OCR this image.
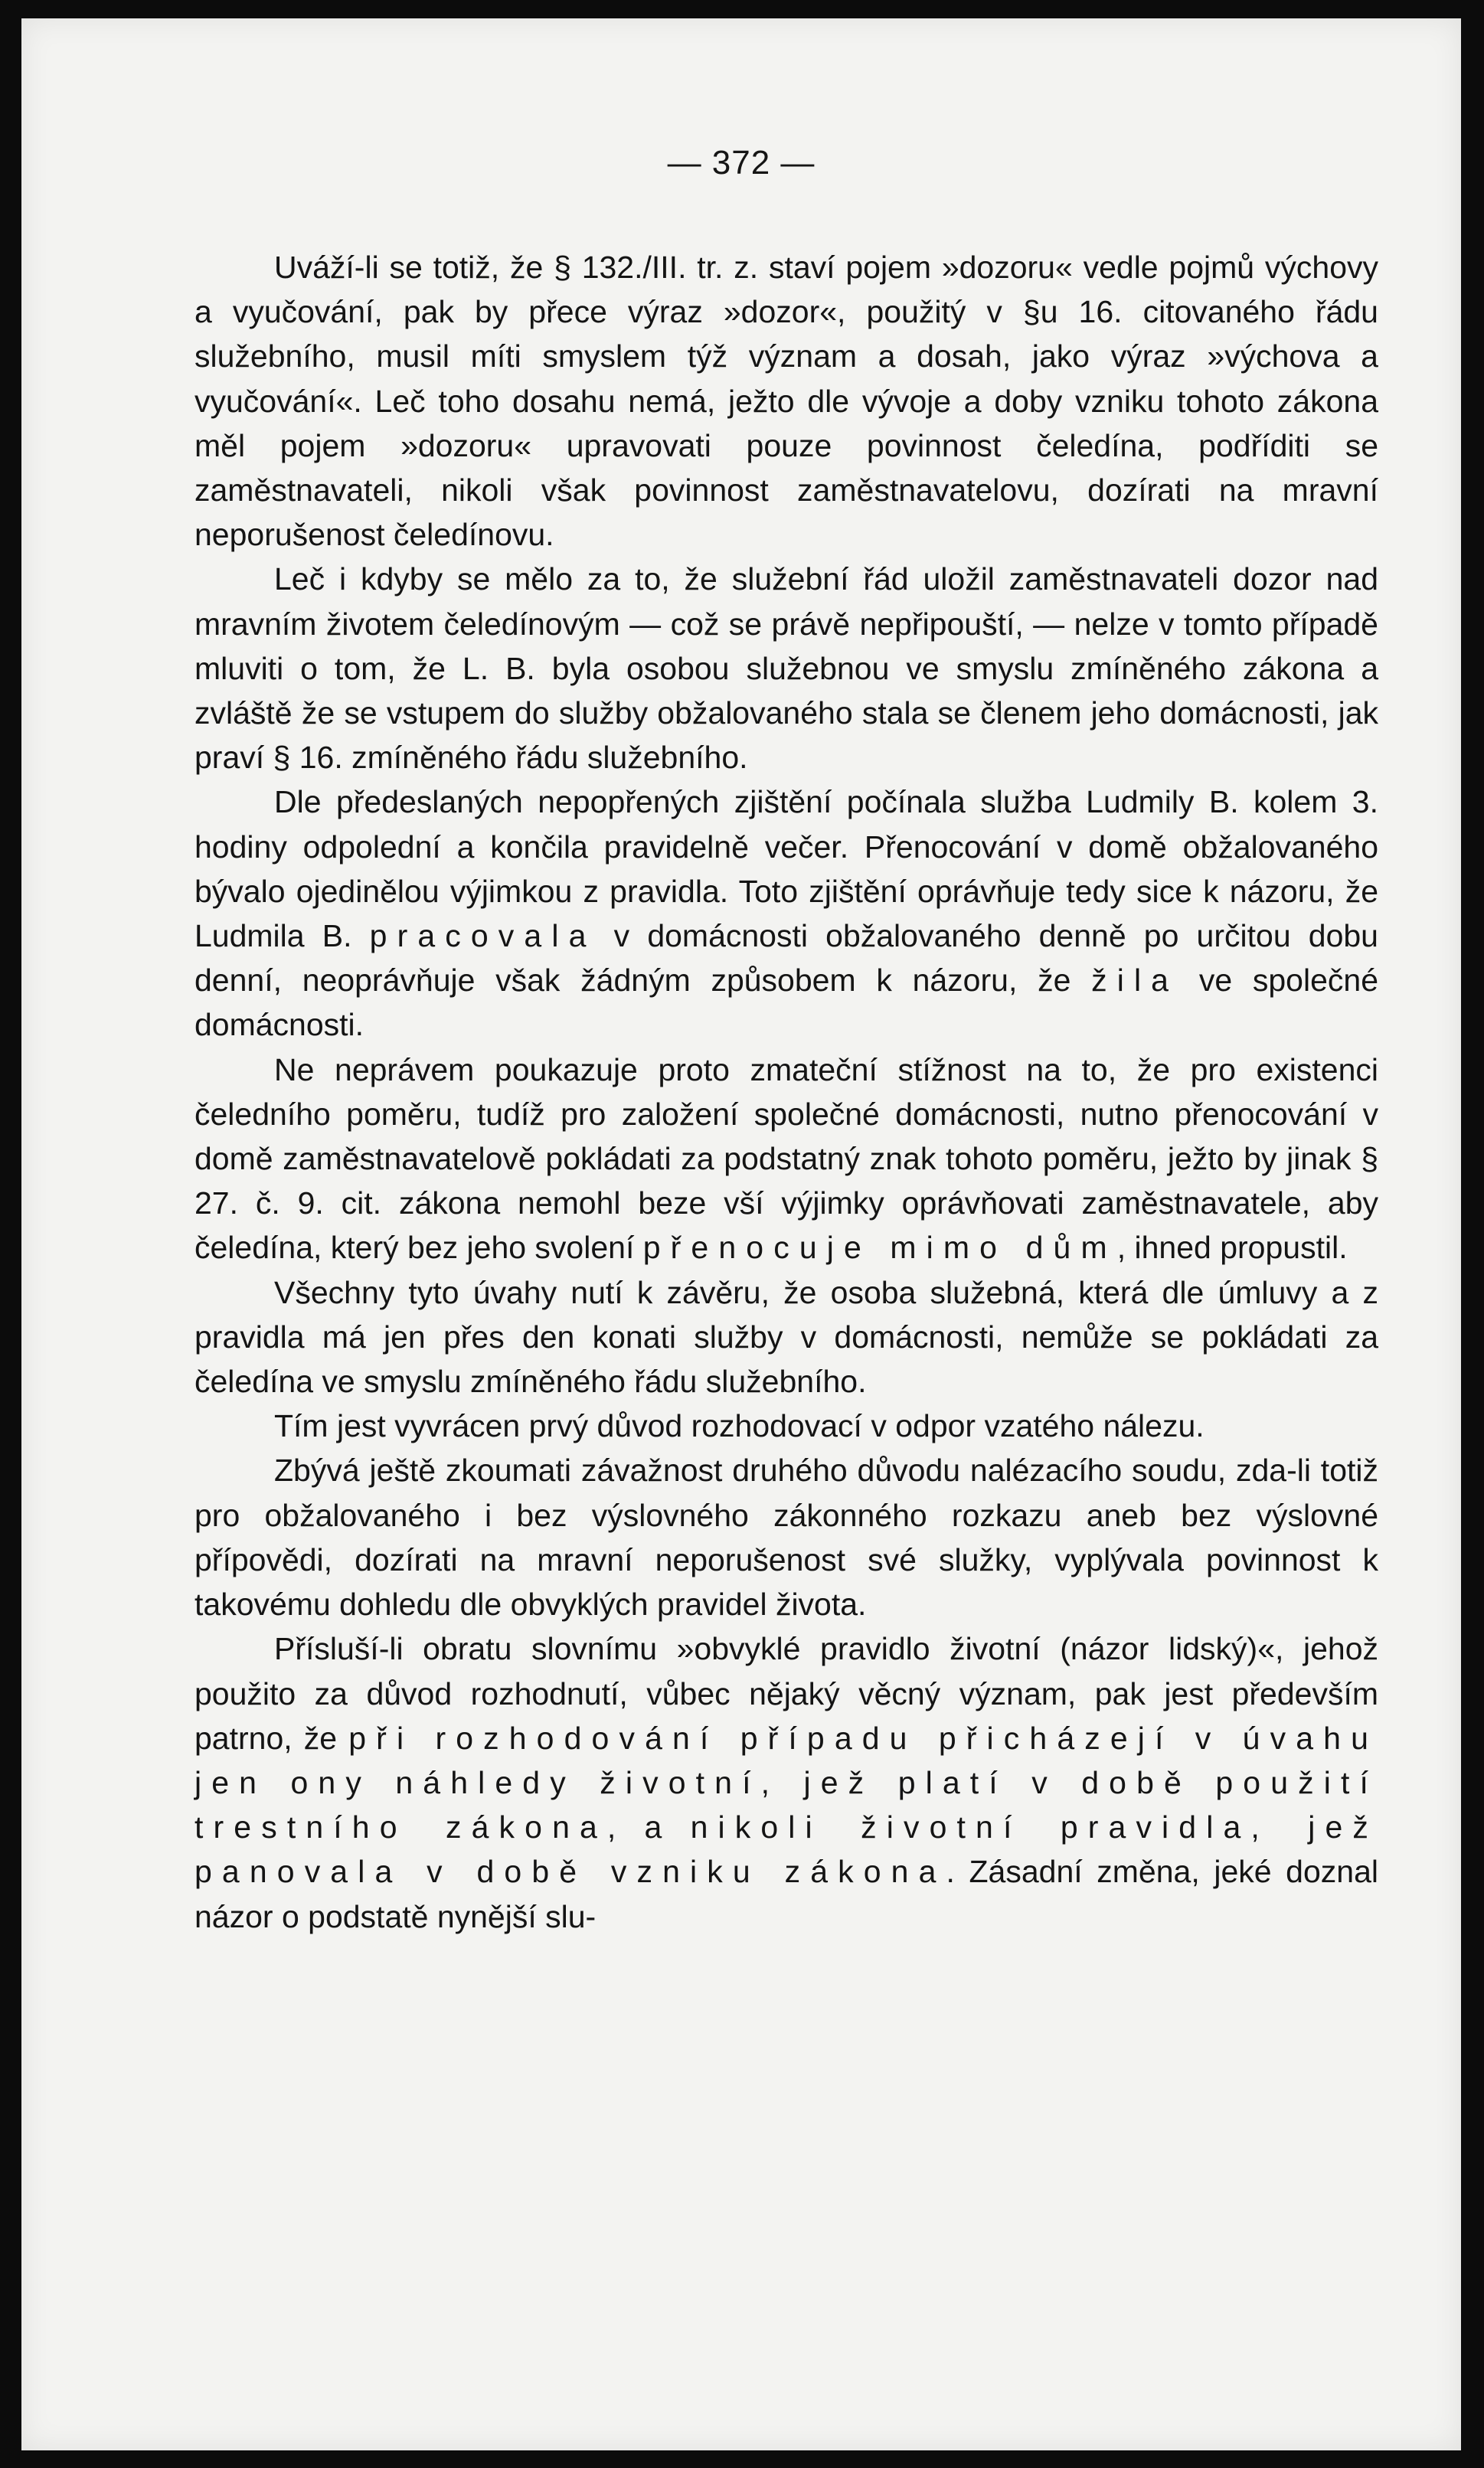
— 372 —

Uváží-li se totiž, že § 132./III. tr. z. staví pojem »dozoru« vedle pojmů výchovy a vyučování, pak by přece výraz »dozor«, použitý v §u 16. citovaného řádu služebního, musil míti smyslem týž význam a dosah, jako výraz »výchova a vyučování«. Leč toho dosahu nemá, ježto dle vývoje a doby vzniku tohoto zákona měl pojem »dozoru« upravovati pouze povinnost čeledína, podříditi se zaměstnavateli, nikoli však povinnost zaměstnavatelovu, dozírati na mravní neporušenost čeledínovu.

Leč i kdyby se mělo za to, že služební řád uložil zaměstnavateli dozor nad mravním životem čeledínovým — což se právě nepřipouští, — nelze v tomto případě mluviti o tom, že L. B. byla osobou služebnou ve smyslu zmíněného zákona a zvláště že se vstupem do služby obžalovaného stala se členem jeho domácnosti, jak praví § 16. zmíněného řádu služebního.

Dle předeslaných nepopřených zjištění počínala služba Ludmily B. kolem 3. hodiny odpolední a končila pravidelně večer. Přenocování v domě obžalovaného bývalo ojedinělou výjimkou z pravidla. Toto zjištění oprávňuje tedy sice k názoru, že Ludmila B. pracovala v domácnosti obžalovaného denně po určitou dobu denní, neoprávňuje však žádným způsobem k názoru, že žila ve společné domácnosti.

Ne neprávem poukazuje proto zmateční stížnost na to, že pro existenci čeledního poměru, tudíž pro založení společné domácnosti, nutno přenocování v domě zaměstnavatelově pokládati za podstatný znak tohoto poměru, ježto by jinak § 27. č. 9. cit. zákona nemohl beze vší výjimky oprávňovati zaměstnavatele, aby čeledína, který bez jeho svolení přenocuje mimo dům, ihned propustil.

Všechny tyto úvahy nutí k závěru, že osoba služebná, která dle úmluvy a z pravidla má jen přes den konati služby v domácnosti, nemůže se pokládati za čeledína ve smyslu zmíněného řádu služebního.

Tím jest vyvrácen prvý důvod rozhodovací v odpor vzatého nálezu.

Zbývá ještě zkoumati závažnost druhého důvodu nalézacího soudu, zda-li totiž pro obžalovaného i bez výslovného zákonného rozkazu aneb bez výslovné přípovědi, dozírati na mravní neporušenost své služky, vyplývala povinnost k takovému dohledu dle obvyklých pravidel života.

Přísluší-li obratu slovnímu »obvyklé pravidlo životní (názor lidský)«, jehož použito za důvod rozhodnutí, vůbec nějaký věcný význam, pak jest především patrno, že při rozhodování případu přicházejí v úvahu jen ony náhledy životní, jež platí v době použití trestního zákona, a nikoli životní pravidla, jež panovala v době vzniku zákona. Zásadní změna, jeké doznal názor o podstatě nynější slu-
